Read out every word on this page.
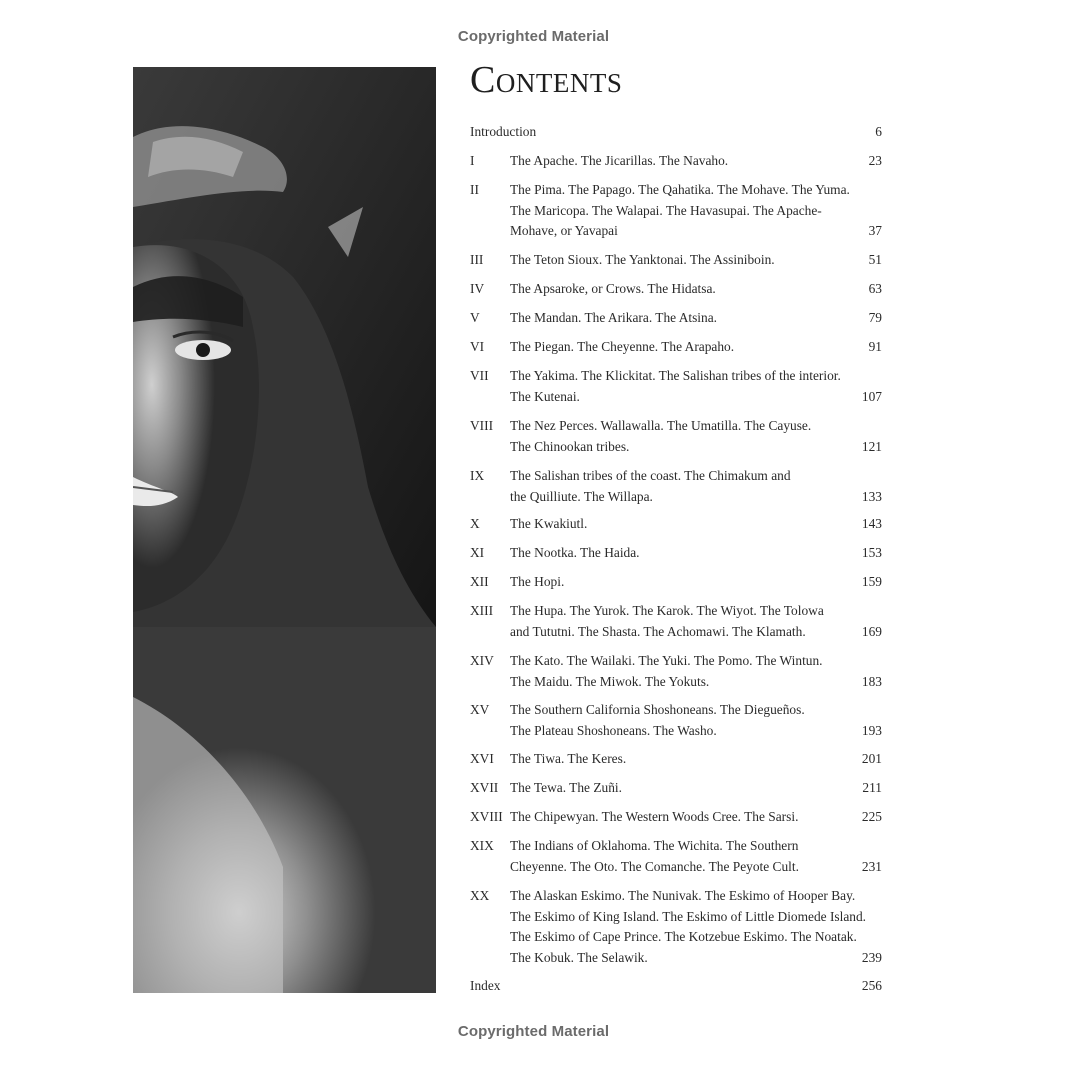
Copyrighted Material
Contents
Introduction	6
I	The Apache. The Jicarillas. The Navaho.	23
II	The Pima. The Papago. The Qahatika. The Mohave. The Yuma.
The Maricopa. The Walapai. The Havasupai. The Apache-
Mohave, or Yavapai	37
III	The Teton Sioux. The Yanktonai. The Assiniboin.	51
IV	The Apsaroke, or Crows. The Hidatsa.	63
V	The Mandan. The Arikara. The Atsina.	79
VI	The Piegan. The Cheyenne. The Arapaho.	91
VII	The Yakima. The Klickitat. The Salishan tribes of the interior.
The Kutenai.	107
VIII	The Nez Perces. Wallawalla. The Umatilla. The Cayuse.
The Chinookan tribes.	121
IX	The Salishan tribes of the coast. The Chimakum and
the Quilliute. The Willapa.	133
X	The Kwakiutl.	143
XI	The Nootka. The Haida.	153
XII	The Hopi.	159
XIII	The Hupa. The Yurok. The Karok. The Wiyot. The Tolowa
and Tututni. The Shasta. The Achomawi. The Klamath.	169
XIV	The Kato. The Wailaki. The Yuki. The Pomo. The Wintun.
The Maidu. The Miwok. The Yokuts.	183
XV	The Southern California Shoshoneans. The Diegueños.
The Plateau Shoshoneans. The Washo.	193
XVI	The Tiwa. The Keres.	201
XVII The Tewa. The Zuñi.	211
XVIII The Chipewyan. The Western Woods Cree. The Sarsi.	225
XIX	The Indians of Oklahoma. The Wichita. The Southern
Cheyenne. The Oto. The Comanche. The Peyote Cult.	231
XX	The Alaskan Eskimo. The Nunivak. The Eskimo of Hooper Bay.
The Eskimo of King Island. The Eskimo of Little Diomede Island.
The Eskimo of Cape Prince. The Kotzebue Eskimo. The Noatak.
The Kobuk. The Selawik.	239
Index	256
Copyrighted Material
